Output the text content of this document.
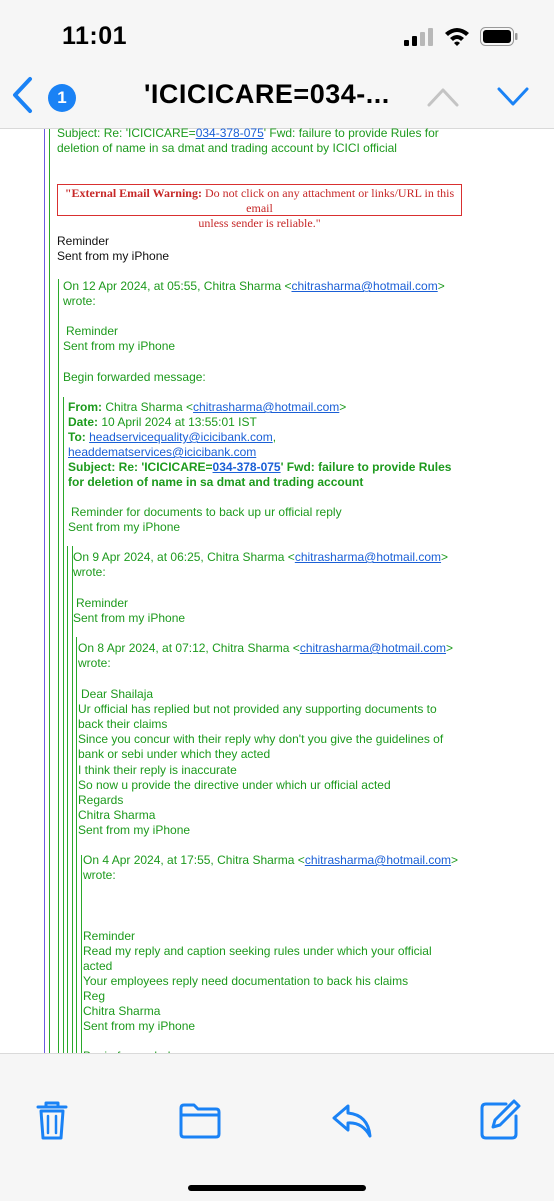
11:01
1	'ICICICARE=034-...
Subject: Re: 'ICICICARE=034-378-075' Fwd: failure to provide Rules for
deletion of name in sa dmat and trading account by ICICI official
"External Email Warning: Do not click on any attachment or links/URL in this email
unless sender is reliable."
Reminder
Sent from my iPhone
On 12 Apr 2024, at 05:55, Chitra Sharma <chitrasharma@hotmail.com>
wrote:
Reminder
Sent from my iPhone
Begin forwarded message:
From: Chitra Sharma <chitrasharma@hotmail.com>
Date: 10 April 2024 at 13:55:01 IST
To: headservicequality@icicibank.com,
headdematservices@icicibank.com
Subject: Re: 'ICICICARE=034-378-075' Fwd: failure to provide Rules
for deletion of name in sa dmat and trading account
Reminder for documents to back up ur official reply
Sent from my iPhone
On 9 Apr 2024, at 06:25, Chitra Sharma <chitrasharma@hotmail.com>
wrote:
Reminder
Sent from my iPhone
On 8 Apr 2024, at 07:12, Chitra Sharma <chitrasharma@hotmail.com>
wrote:
Dear Shailaja
Ur official has replied but not provided any supporting documents to
back their claims
Since you concur with their reply why don't you give the guidelines of
bank or sebi under which they acted
I think their reply is inaccurate
So now u provide the directive under which ur official acted
Regards
Chitra Sharma
Sent from my iPhone
On 4 Apr 2024, at 17:55, Chitra Sharma <chitrasharma@hotmail.com>
wrote:
Reminder
Read my reply and caption seeking rules under which your official
acted
Your employees reply need documentation to back his claims
Reg
Chitra Sharma
Sent from my iPhone
